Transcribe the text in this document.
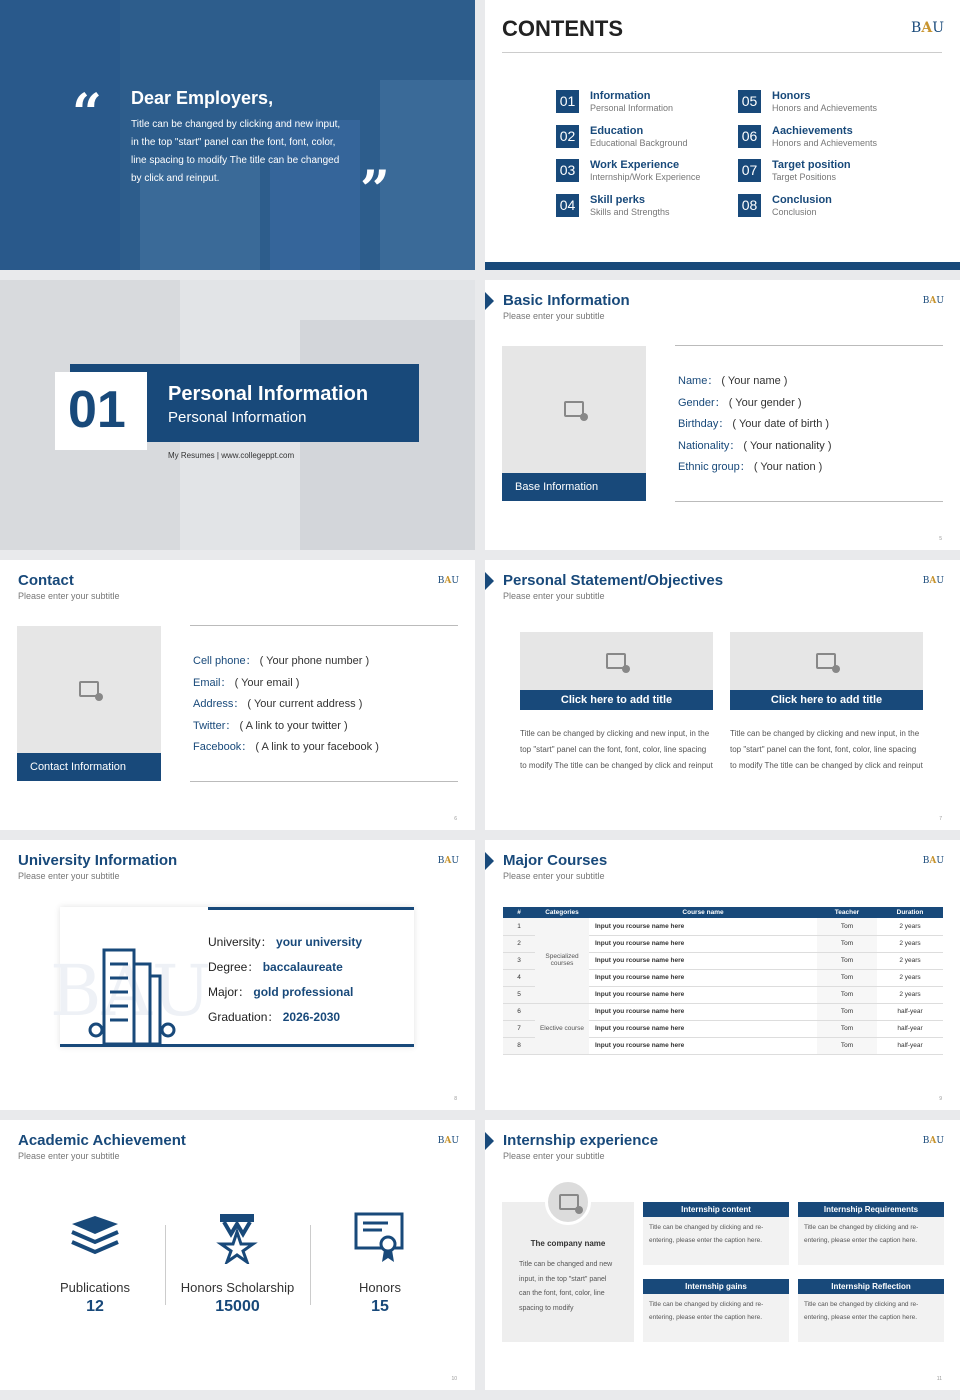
“ Dear Employers,
Title can be changed by clicking and new input, in the top "start" panel can the font, font, color, line spacing to modify The title can be changed by click and reinput.	”
CONTENTS	BAU
01	Information
Personal Information
02	Education
Educational Background
03	Work Experience
Internship/Work Experience
04	Skill perks
Skills and Strengths
05	Honors
Honors and Achievements
06	Aachievements
Honors and Achievements
07	Target position
Target Positions
08	Conclusion
Conclusion
01 Personal Information
Personal Information
My Resumes | www.collegeppt.com
Basic Information
Please enter your subtitle
BAU
Base Information
Name： ( Your name )
Gender： ( Your gender )
Birthday： ( Your date of birth )
Nationality： ( Your nationality )
Ethnic group： ( Your nation )
5
Contact
Please enter your subtitle
BAU
Contact Information
Cell phone： ( Your phone number )
Email： ( Your email )
Address： ( Your current address )
Twitter： ( A link to your twitter )
Facebook： ( A link to your facebook )
6
Personal Statement/Objectives
Please enter your subtitle
BAU
Click here to add title
Title can be changed by clicking and new input, in the top "start" panel can the font, font, color, line spacing to modify The title can be changed by click and reinput
Click here to add title
Title can be changed by clicking and new input, in the top "start" panel can the font, font, color, line spacing to modify The title can be changed by click and reinput
7
University Information
Please enter your subtitle
BAU
BAU
University： your university
Degree： baccalaureate
Major： gold professional
Graduation： 2026-2030
8
Major Courses
Please enter your subtitle
BAU
#	Categories	Course name	Teacher	Duration
1	Specialized courses	Input you rcourse name here	Tom	2 years
2		Input you rcourse name here	Tom	2 years
3		Input you rcourse name here	Tom	2 years
4		Input you rcourse name here	Tom	2 years
5		Input you rcourse name here	Tom	2 years
6	Elective course	Input you rcourse name here	Tom	half-year
7		Input you rcourse name here	Tom	half-year
8		Input you rcourse name here	Tom	half-year
9
Academic Achievement
Please enter your subtitle
BAU
Publications
12
Honors Scholarship
15000
Honors
15
10
Internship experience
Please enter your subtitle
BAU
The company name
Title can be changed and new input, in the top "start" panel can the font, font, color, line spacing to modify
Internship content
Title can be changed by clicking and re-entering, please enter the caption here.
Internship Requirements
Title can be changed by clicking and re-entering, please enter the caption here.
Internship gains
Title can be changed by clicking and re-entering, please enter the caption here.
Internship Reflection
Title can be changed by clicking and re-entering, please enter the caption here.
11
